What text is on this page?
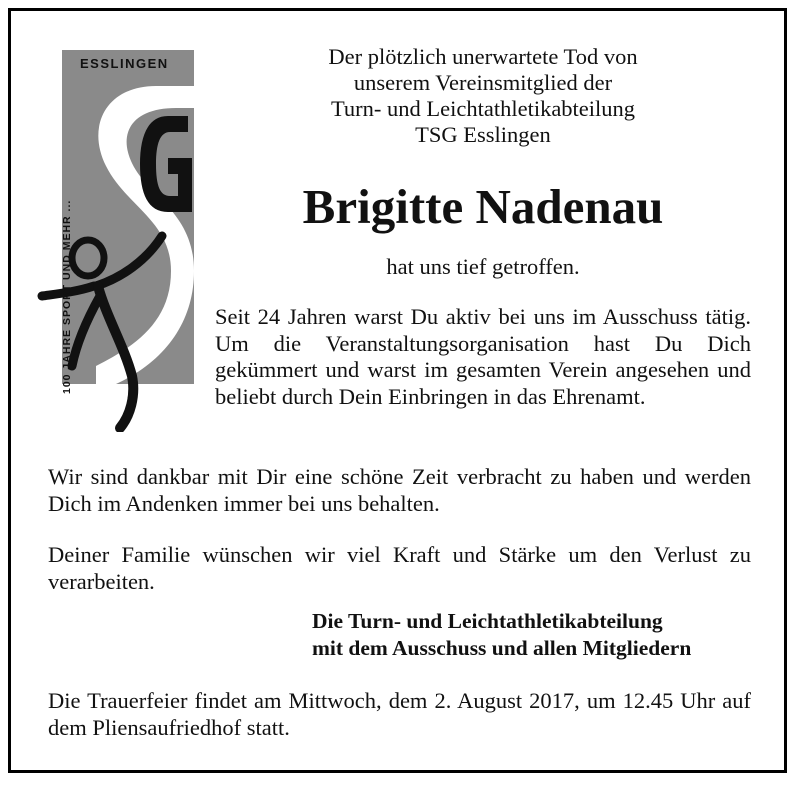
ESSLINGEN
100 JAHRE SPORT UND MEHR ...
Der plötzlich unerwartete Tod von
unserem Vereinsmitglied der
Turn- und Leichtathletikabteilung
TSG Esslingen
Brigitte Nadenau
hat uns tief getroffen.
Seit 24 Jahren warst Du aktiv bei uns im Ausschuss tätig. Um die Veranstaltungsorganisation hast Du Dich gekümmert und warst im gesamten Verein angesehen und beliebt durch Dein Einbringen in das Ehrenamt.
Wir sind dankbar mit Dir eine schöne Zeit verbracht zu haben und werden Dich im Andenken immer bei uns behalten.
Deiner Familie wünschen wir viel Kraft und Stärke um den Verlust zu verarbeiten.
Die Turn- und Leichtathletikabteilung
mit dem Ausschuss und allen Mitgliedern
Die Trauerfeier findet am Mittwoch, dem 2. August 2017, um 12.45 Uhr auf dem Pliensaufriedhof statt.
